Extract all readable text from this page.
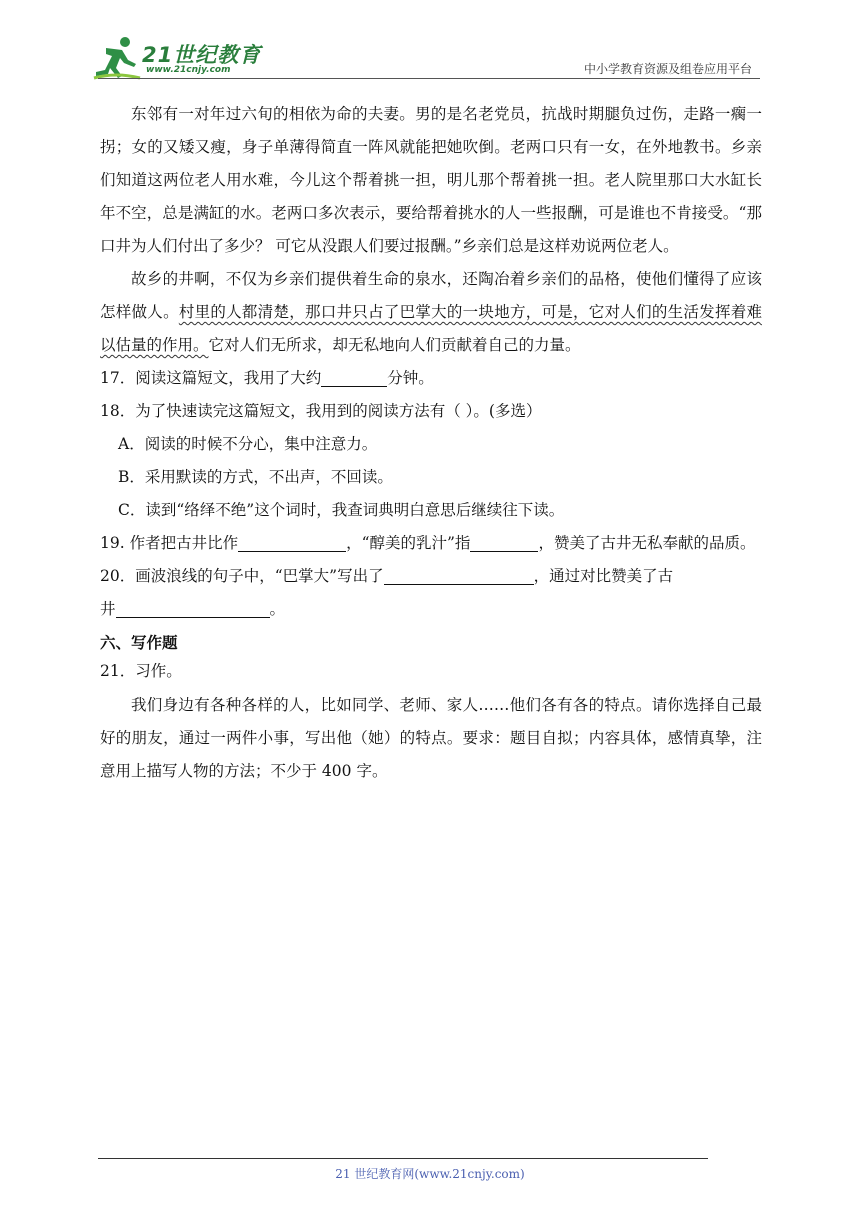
21世纪教育
www.21cnjy.com	中小学教育资源及组卷应用平台

东邻有一对年过六旬的相依为命的夫妻。男的是名老党员，抗战时期腿负过伤，走路一瘸一拐；女的又矮又瘦，身子单薄得简直一阵风就能把她吹倒。老两口只有一女，在外地教书。乡亲们知道这两位老人用水难，今儿这个帮着挑一担，明儿那个帮着挑一担。老人院里那口大水缸长年不空，总是满缸的水。老两口多次表示，要给帮着挑水的人一些报酬，可是谁也不肯接受。“那口井为人们付出了多少？ 可它从没跟人们要过报酬。”乡亲们总是这样劝说两位老人。

故乡的井啊，不仅为乡亲们提供着生命的泉水，还陶冶着乡亲们的品格，使他们懂得了应该怎样做人。村里的人都清楚，那口井只占了巴掌大的一块地方，可是，它对人们的生活发挥着难以估量的作用。它对人们无所求，却无私地向人们贡献着自己的力量。

17．阅读这篇短文，我用了大约	分钟。

18．为了快速读完这篇短文，我用到的阅读方法有（ ）。(多选）

A．阅读的时候不分心，集中注意力。

B．采用默读的方式，不出声，不回读。

C．读到“络绎不绝”这个词时，我查词典明白意思后继续往下读。

19. 作者把古井比作	，“醇美的乳汁”指	，赞美了古井无私奉献的品质。

20．画波浪线的句子中，“巴掌大”写出了	，通过对比赞美了古

井	。

六、写作题

21．习作。

我们身边有各种各样的人，比如同学、老师、家人……他们各有各的特点。请你选择自己最好的朋友，通过一两件小事，写出他（她）的特点。要求：题目自拟；内容具体，感情真挚，注意用上描写人物的方法；不少于 400 字。

21 世纪教育网(www.21cnjy.com)
